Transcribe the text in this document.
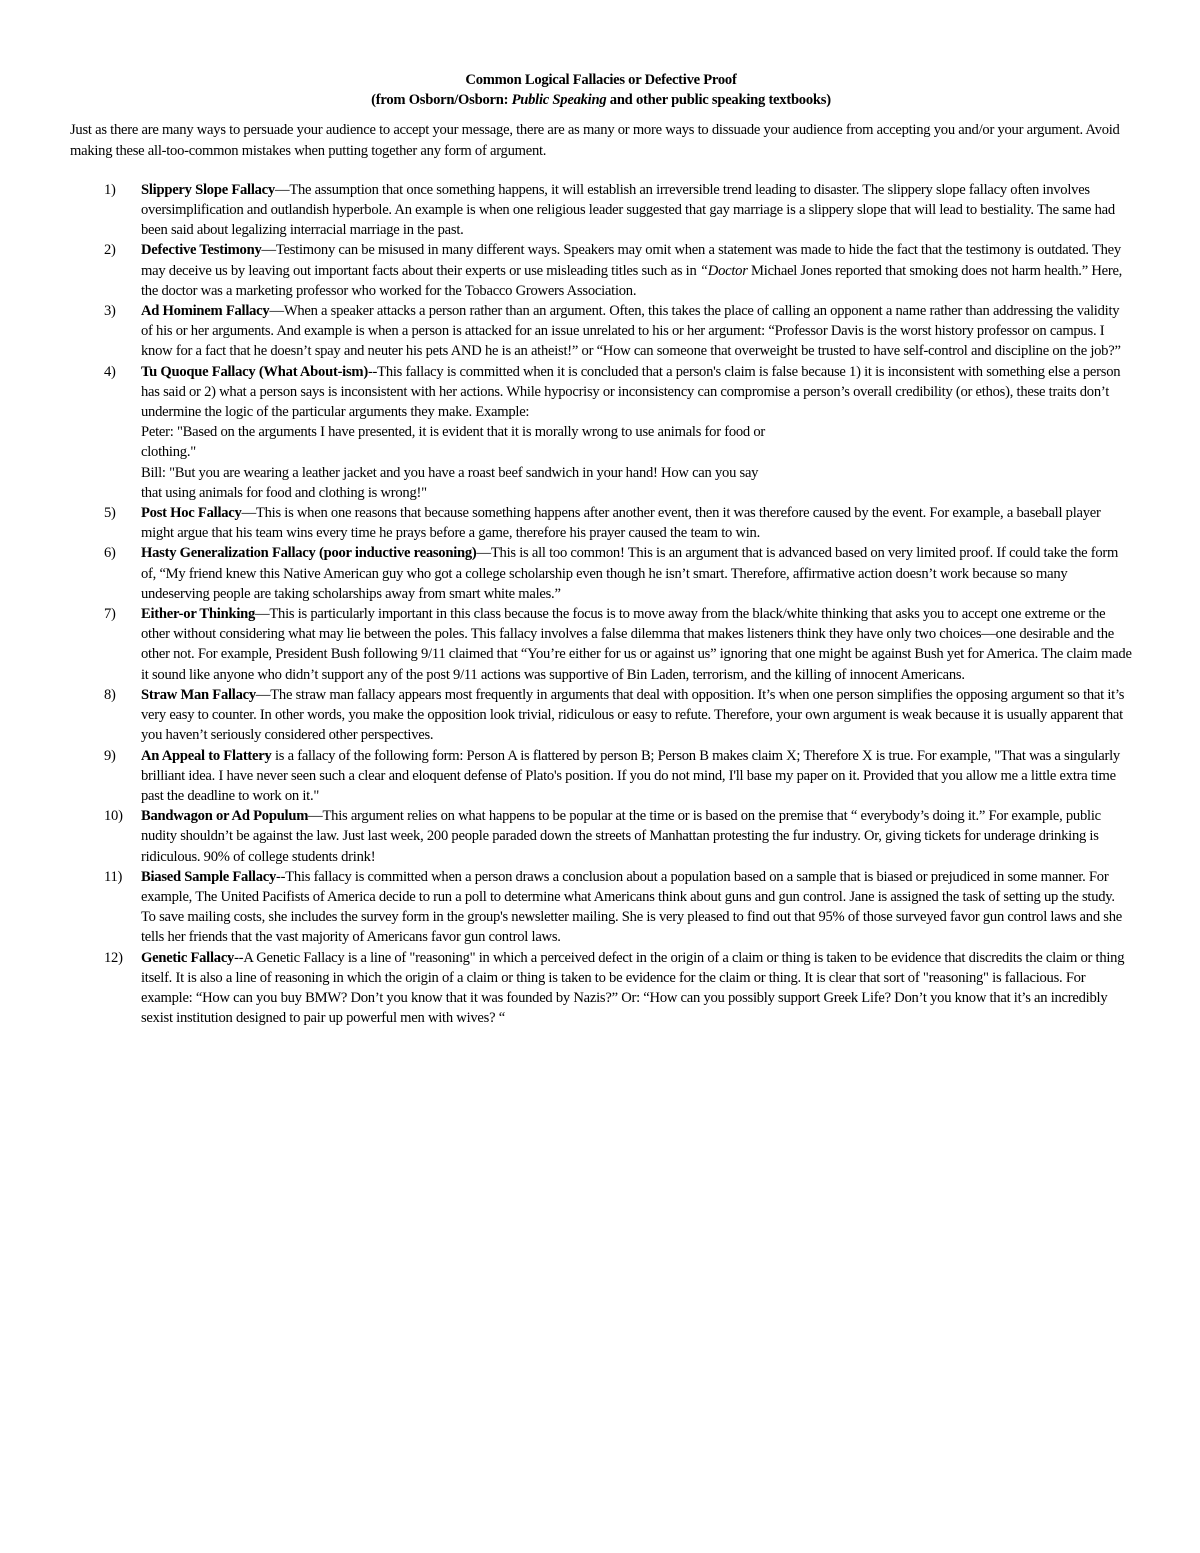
Common Logical Fallacies or Defective Proof
(from Osborn/Osborn: Public Speaking and other public speaking textbooks)

Just as there are many ways to persuade your audience to accept your message, there are as many or more ways to dissuade your audience from accepting you and/or your argument. Avoid making these all-too-common mistakes when putting together any form of argument.

1) Slippery Slope Fallacy—The assumption that once something happens, it will establish an irreversible trend leading to disaster. The slippery slope fallacy often involves oversimplification and outlandish hyperbole. An example is when one religious leader suggested that gay marriage is a slippery slope that will lead to bestiality. The same had been said about legalizing interracial marriage in the past.
2) Defective Testimony—Testimony can be misused in many different ways. Speakers may omit when a statement was made to hide the fact that the testimony is outdated. They may deceive us by leaving out important facts about their experts or use misleading titles such as in “Doctor Michael Jones reported that smoking does not harm health.” Here, the doctor was a marketing professor who worked for the Tobacco Growers Association.
3) Ad Hominem Fallacy—When a speaker attacks a person rather than an argument. Often, this takes the place of calling an opponent a name rather than addressing the validity of his or her arguments. And example is when a person is attacked for an issue unrelated to his or her argument: “Professor Davis is the worst history professor on campus. I know for a fact that he doesn’t spay and neuter his pets AND he is an atheist!” or “How can someone that overweight be trusted to have self-control and discipline on the job?”
4) Tu Quoque Fallacy (What About-ism)--This fallacy is committed when it is concluded that a person's claim is false because 1) it is inconsistent with something else a person has said or 2) what a person says is inconsistent with her actions. While hypocrisy or inconsistency can compromise a person’s overall credibility (or ethos), these traits don’t undermine the logic of the particular arguments they make. Example:
Peter: "Based on the arguments I have presented, it is evident that it is morally wrong to use animals for food or
clothing."
Bill: "But you are wearing a leather jacket and you have a roast beef sandwich in your hand! How can you say
that using animals for food and clothing is wrong!"
5) Post Hoc Fallacy—This is when one reasons that because something happens after another event, then it was therefore caused by the event. For example, a baseball player might argue that his team wins every time he prays before a game, therefore his prayer caused the team to win.
6) Hasty Generalization Fallacy (poor inductive reasoning)—This is all too common! This is an argument that is advanced based on very limited proof. If could take the form of, “My friend knew this Native American guy who got a college scholarship even though he isn’t smart. Therefore, affirmative action doesn’t work because so many undeserving people are taking scholarships away from smart white males.”
7) Either-or Thinking—This is particularly important in this class because the focus is to move away from the black/white thinking that asks you to accept one extreme or the other without considering what may lie between the poles. This fallacy involves a false dilemma that makes listeners think they have only two choices—one desirable and the other not. For example, President Bush following 9/11 claimed that “You’re either for us or against us” ignoring that one might be against Bush yet for America. The claim made it sound like anyone who didn’t support any of the post 9/11 actions was supportive of Bin Laden, terrorism, and the killing of innocent Americans.
8) Straw Man Fallacy—The straw man fallacy appears most frequently in arguments that deal with opposition. It’s when one person simplifies the opposing argument so that it’s very easy to counter. In other words, you make the opposition look trivial, ridiculous or easy to refute. Therefore, your own argument is weak because it is usually apparent that you haven’t seriously considered other perspectives.
9) An Appeal to Flattery is a fallacy of the following form: Person A is flattered by person B; Person B makes claim X; Therefore X is true. For example, "That was a singularly brilliant idea. I have never seen such a clear and eloquent defense of Plato's position. If you do not mind, I'll base my paper on it. Provided that you allow me a little extra time past the deadline to work on it."
10) Bandwagon or Ad Populum—This argument relies on what happens to be popular at the time or is based on the premise that “ everybody’s doing it.” For example, public nudity shouldn’t be against the law. Just last week, 200 people paraded down the streets of Manhattan protesting the fur industry. Or, giving tickets for underage drinking is ridiculous. 90% of college students drink!
11) Biased Sample Fallacy--This fallacy is committed when a person draws a conclusion about a population based on a sample that is biased or prejudiced in some manner. For example, The United Pacifists of America decide to run a poll to determine what Americans think about guns and gun control. Jane is assigned the task of setting up the study. To save mailing costs, she includes the survey form in the group's newsletter mailing. She is very pleased to find out that 95% of those surveyed favor gun control laws and she tells her friends that the vast majority of Americans favor gun control laws.
12) Genetic Fallacy--A Genetic Fallacy is a line of "reasoning" in which a perceived defect in the origin of a claim or thing is taken to be evidence that discredits the claim or thing itself. It is also a line of reasoning in which the origin of a claim or thing is taken to be evidence for the claim or thing. It is clear that sort of "reasoning" is fallacious. For example: “How can you buy BMW? Don’t you know that it was founded by Nazis?” Or: “How can you possibly support Greek Life? Don’t you know that it’s an incredibly sexist institution designed to pair up powerful men with wives? “
